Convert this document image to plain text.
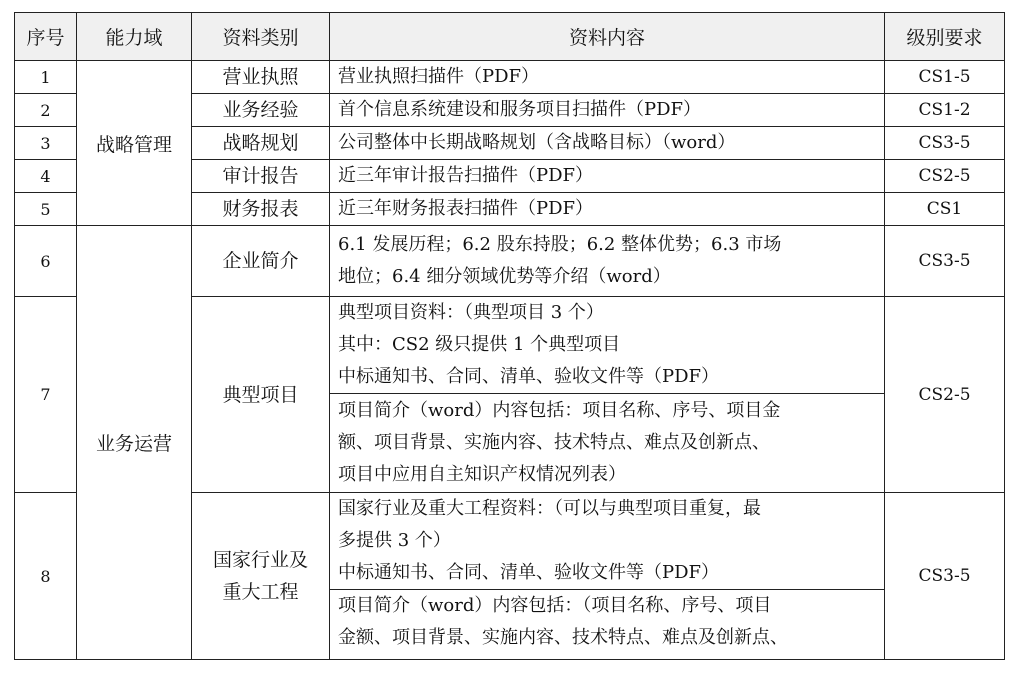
序号	能力域	资料类别	资料内容	级别要求
1	战略管理	营业执照	营业执照扫描件（PDF）	CS1-5
2		业务经验	首个信息系统建设和服务项目扫描件（PDF）	CS1-2
3		战略规划	公司整体中长期战略规划（含战略目标）（word）	CS3-5
4		审计报告	近三年审计报告扫描件（PDF）	CS2-5
5		财务报表	近三年财务报表扫描件（PDF）	CS1
6	业务运营	企业简介	6.1 发展历程；6.2 股东持股；6.2 整体优势；6.3 市场
地位；6.4 细分领域优势等介绍（word）	CS3-5
7		典型项目	典型项目资料：（典型项目 3 个）
其中：CS2 级只提供 1 个典型项目
中标通知书、合同、清单、验收文件等（PDF）	CS2-5

			项目简介（word）内容包括：项目名称、序号、项目金
额、项目背景、实施内容、技术特点、难点及创新点、
项目中应用自主知识产权情况列表）	

8		国家行业及
重大工程	国家行业及重大工程资料：（可以与典型项目重复，最
多提供 3 个）
中标通知书、合同、清单、验收文件等（PDF）	CS3-5

			项目简介（word）内容包括：（项目名称、序号、项目
金额、项目背景、实施内容、技术特点、难点及创新点、	
